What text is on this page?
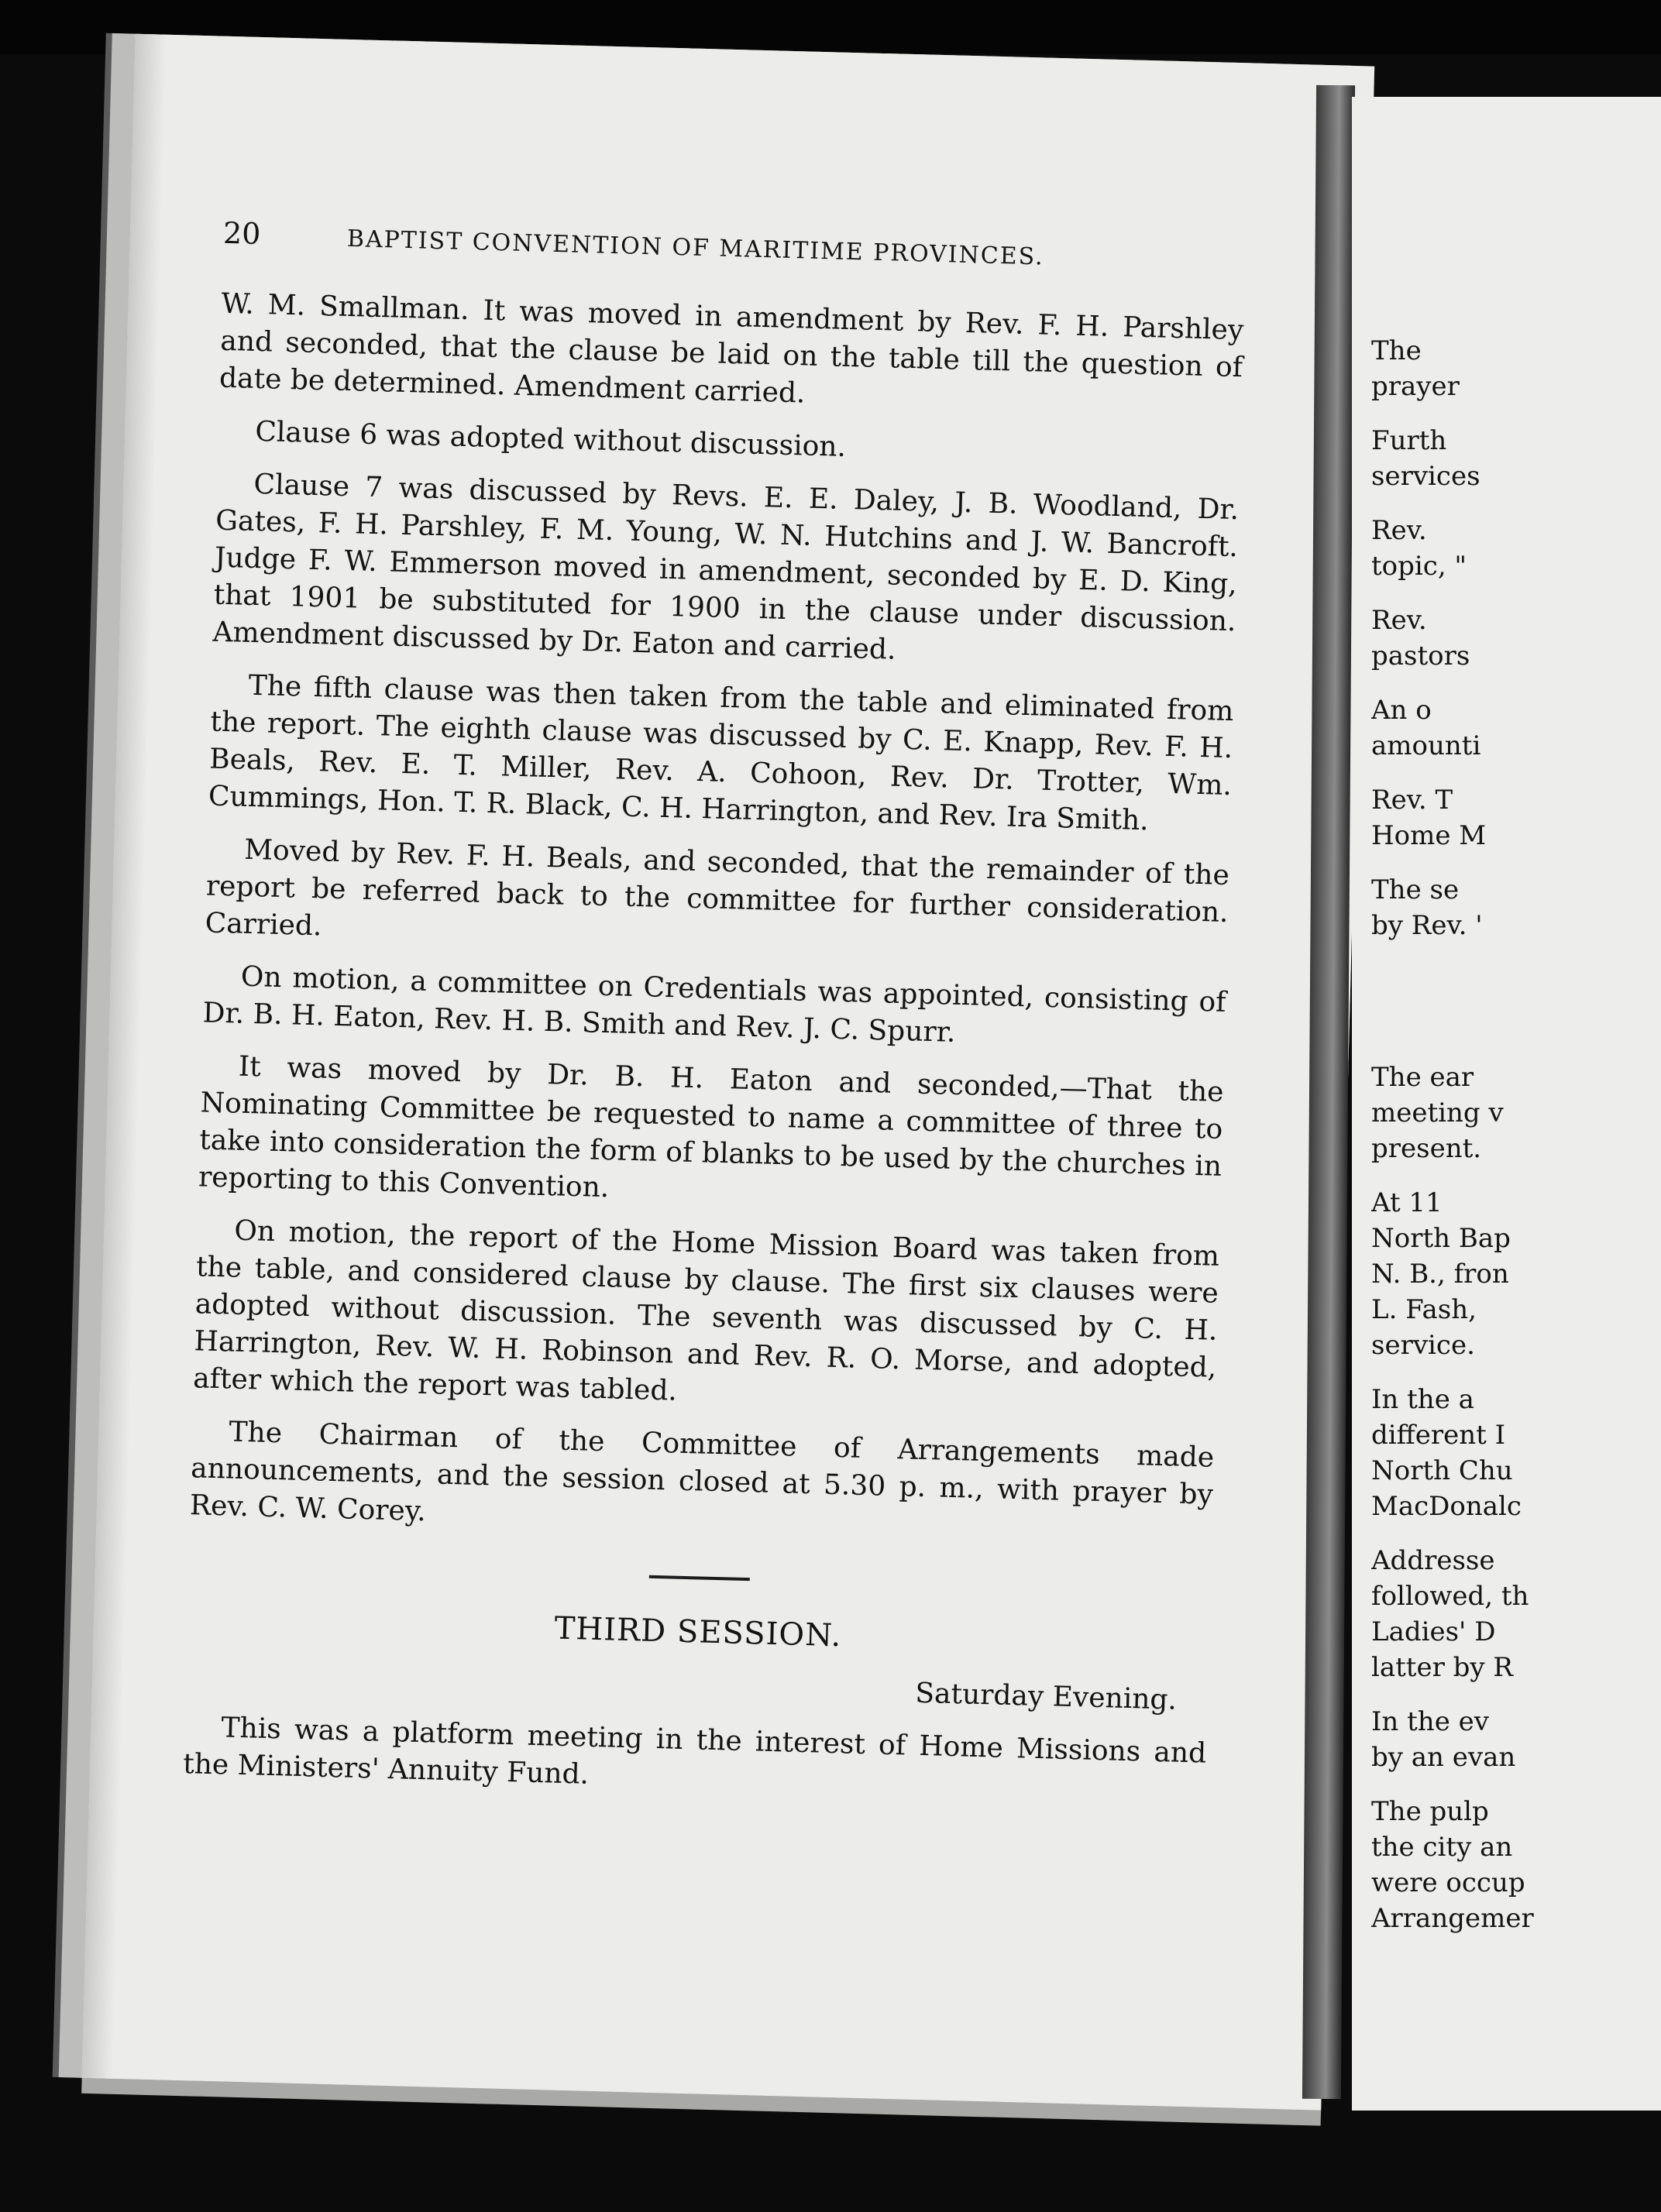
20	BAPTIST CONVENTION OF MARITIME PROVINCES.

W. M. Smallman. It was moved in amendment by Rev. F. H. Parshley and seconded, that the clause be laid on the table till the question of date be determined. Amendment carried.

Clause 6 was adopted without discussion.

Clause 7 was discussed by Revs. E. E. Daley, J. B. Woodland, Dr. Gates, F. H. Parshley, F. M. Young, W. N. Hutchins and J. W. Bancroft. Judge F. W. Emmerson moved in amendment, seconded by E. D. King, that 1901 be substituted for 1900 in the clause under discussion. Amendment discussed by Dr. Eaton and carried.

The fifth clause was then taken from the table and eliminated from the report. The eighth clause was discussed by C. E. Knapp, Rev. F. H. Beals, Rev. E. T. Miller, Rev. A. Cohoon, Rev. Dr. Trotter, Wm. Cummings, Hon. T. R. Black, C. H. Harrington, and Rev. Ira Smith.

Moved by Rev. F. H. Beals, and seconded, that the remainder of the report be referred back to the committee for further consideration. Carried.

On motion, a committee on Credentials was appointed, consisting of Dr. B. H. Eaton, Rev. H. B. Smith and Rev. J. C. Spurr.

It was moved by Dr. B. H. Eaton and seconded,—That the Nominating Committee be requested to name a committee of three to take into consideration the form of blanks to be used by the churches in reporting to this Convention.

On motion, the report of the Home Mission Board was taken from the table, and considered clause by clause. The first six clauses were adopted without discussion. The seventh was discussed by C. H. Harrington, Rev. W. H. Robinson and Rev. R. O. Morse, and adopted, after which the report was tabled.

The Chairman of the Committee of Arrangements made announcements, and the session closed at 5.30 p. m., with prayer by Rev. C. W. Corey.

THIRD SESSION.
Saturday Evening.

This was a platform meeting in the interest of Home Missions and the Ministers' Annuity Fund.

The
prayer
Furth
services
Rev.
topic, "
Rev.
pastors
An o
amounti
Rev. T
Home M
The se
by Rev. '
The ear
meeting v
present.
At 11
North Bap
N. B., fron
L. Fash,
service.
In the a
different I
North Chu
MacDonalc
Addresse
followed, th
Ladies' D
latter by R
In the ev
by an evan
The pulp
the city an
were occup
Arrangemer
